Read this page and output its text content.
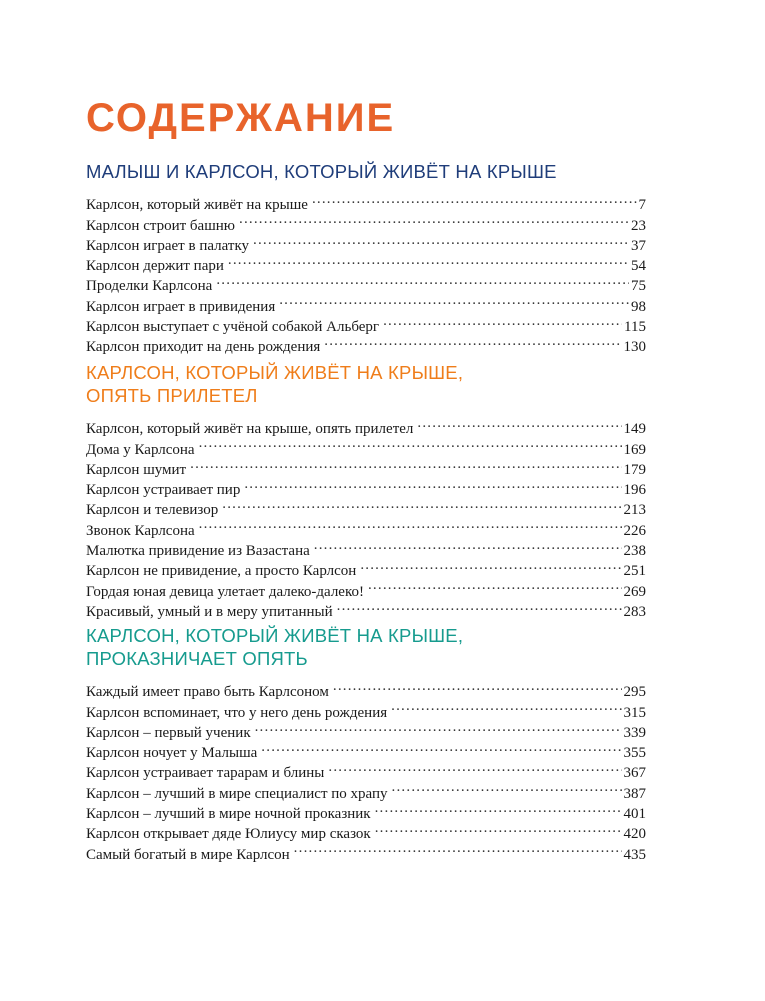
СОДЕРЖАНИЕ
МАЛЫШ И КАРЛСОН, КОТОРЫЙ ЖИВЁТ НА КРЫШЕ
Карлсон, который живёт на крыше .....	7
Карлсон строит башню .....	23
Карлсон играет в палатку .....	37
Карлсон держит пари .....	54
Проделки Карлсона .....	75
Карлсон играет в привидения .....	98
Карлсон выступает с учёной собакой Альберг .....	115
Карлсон приходит на день рождения .....	130
КАРЛСОН, КОТОРЫЙ ЖИВЁТ НА КРЫШЕ,
ОПЯТЬ ПРИЛЕТЕЛ
Карлсон, который живёт на крыше, опять прилетел .....	149
Дома у Карлсона .....	169
Карлсон шумит .....	179
Карлсон устраивает пир .....	196
Карлсон и телевизор .....	213
Звонок Карлсона .....	226
Малютка привидение из Вазастана .....	238
Карлсон не привидение, а просто Карлсон .....	251
Гордая юная девица улетает далеко-далеко! .....	269
Красивый, умный и в меру упитанный .....	283
КАРЛСОН, КОТОРЫЙ ЖИВЁТ НА КРЫШЕ,
ПРОКАЗНИЧАЕТ ОПЯТЬ
Каждый имеет право быть Карлсоном .....	295
Карлсон вспоминает, что у него день рождения .....	315
Карлсон – первый ученик .....	339
Карлсон ночует у Малыша .....	355
Карлсон устраивает тарарам и блины .....	367
Карлсон – лучший в мире специалист по храпу .....	387
Карлсон – лучший в мире ночной проказник .....	401
Карлсон открывает дяде Юлиусу мир сказок .....	420
Самый богатый в мире Карлсон .....	435
